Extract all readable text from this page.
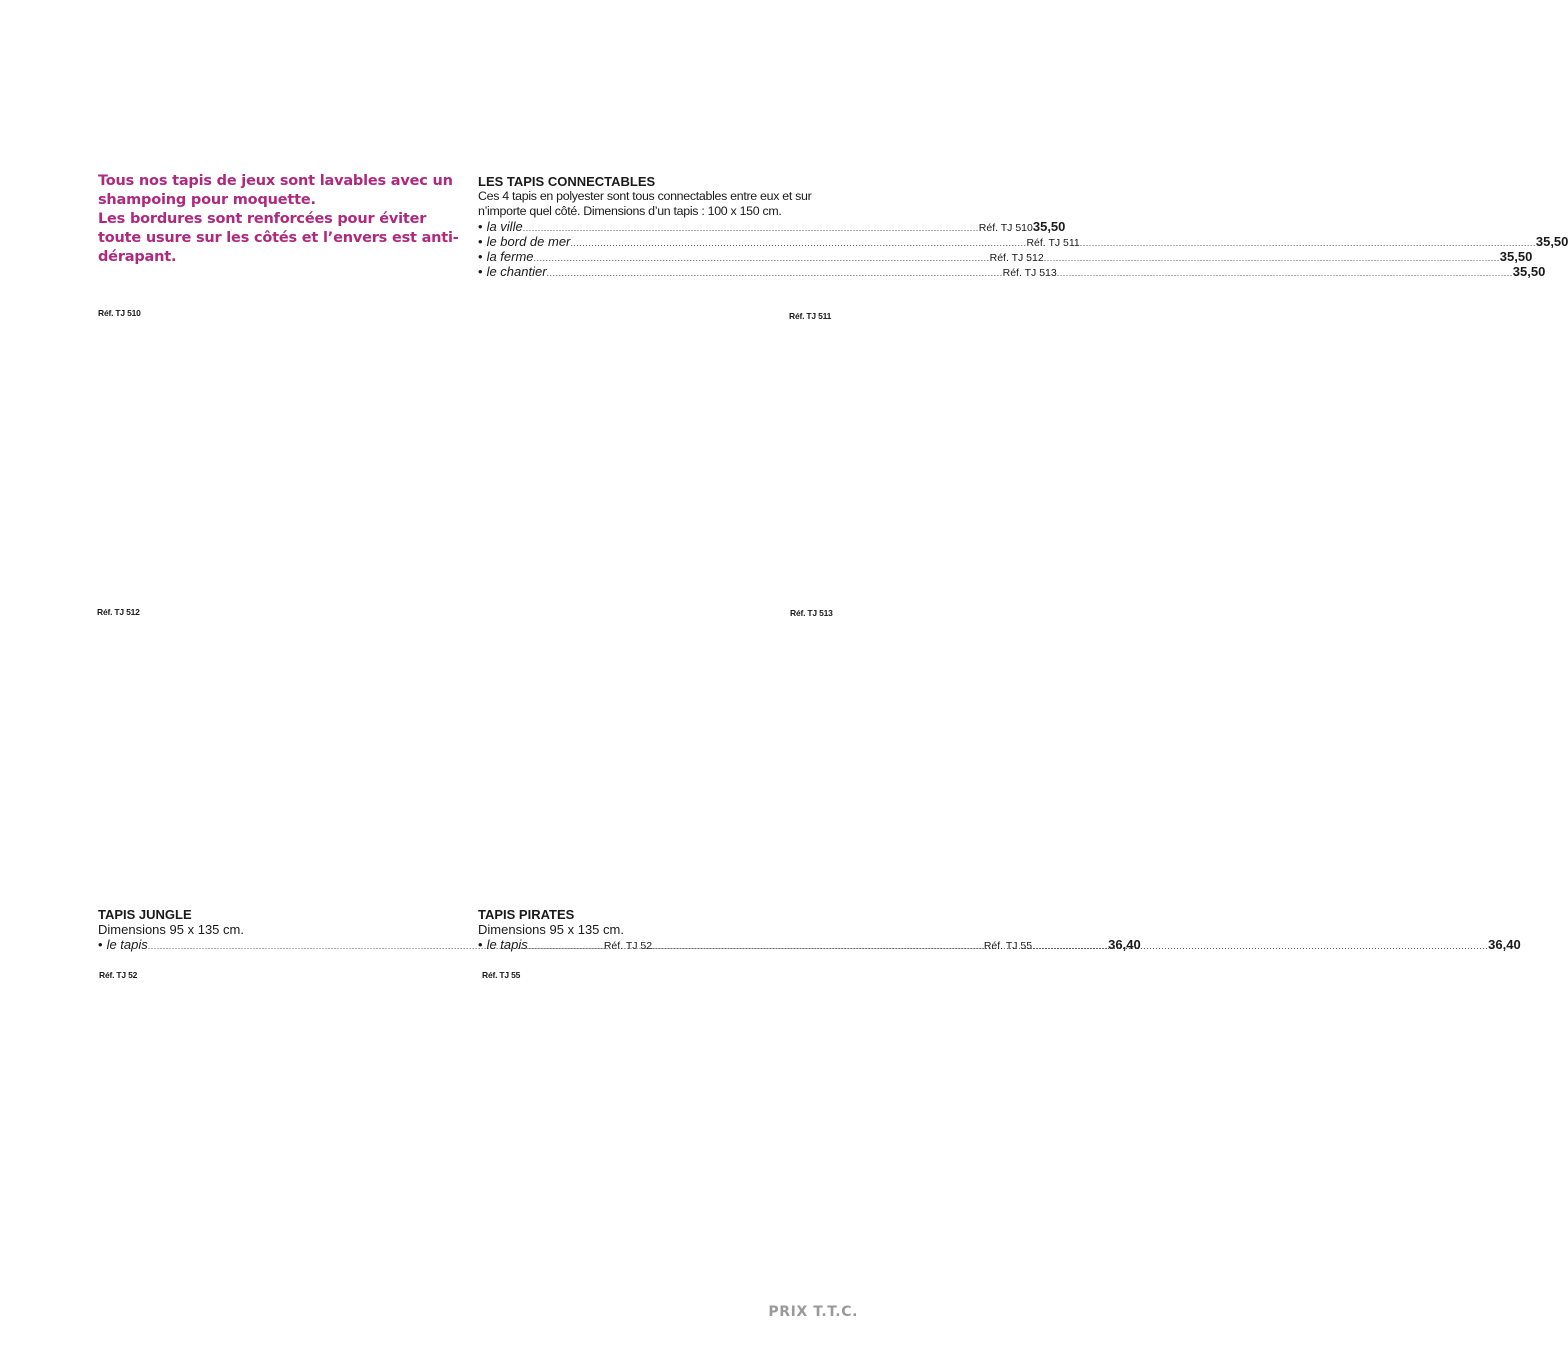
Tous nos tapis de jeux sont lavables avec un shampoing pour moquette.

Les bordures sont renforcées pour éviter toute usure sur les côtés et l’envers est anti-dérapant.

LES TAPIS CONNECTABLES

Ces 4 tapis en polyester sont tous connectables entre eux et sur n’importe quel côté. Dimensions d’un tapis : 100 x 150 cm.

• la ville .....	Réf. TJ 510 35,50
• le bord de mer .....	Réf. TJ 511 .....	35,50
• la ferme .....	Réf. TJ 512 .....	35,50
• le chantier .....	Réf. TJ 513 .....	35,50
Réf. TJ 510	Réf. TJ 511
Réf. TJ 512	Réf. TJ 513

TAPIS JUNGLE

Dimensions 95 x 135 cm.

• le tapis .....	Réf. TJ 52 .....	36,40
Réf. TJ 52

TAPIS PIRATES

Dimensions 95 x 135 cm.

• le tapis .....	Réf. TJ 55 .....	36,40
Réf. TJ 55
PRIX T.T.C.
